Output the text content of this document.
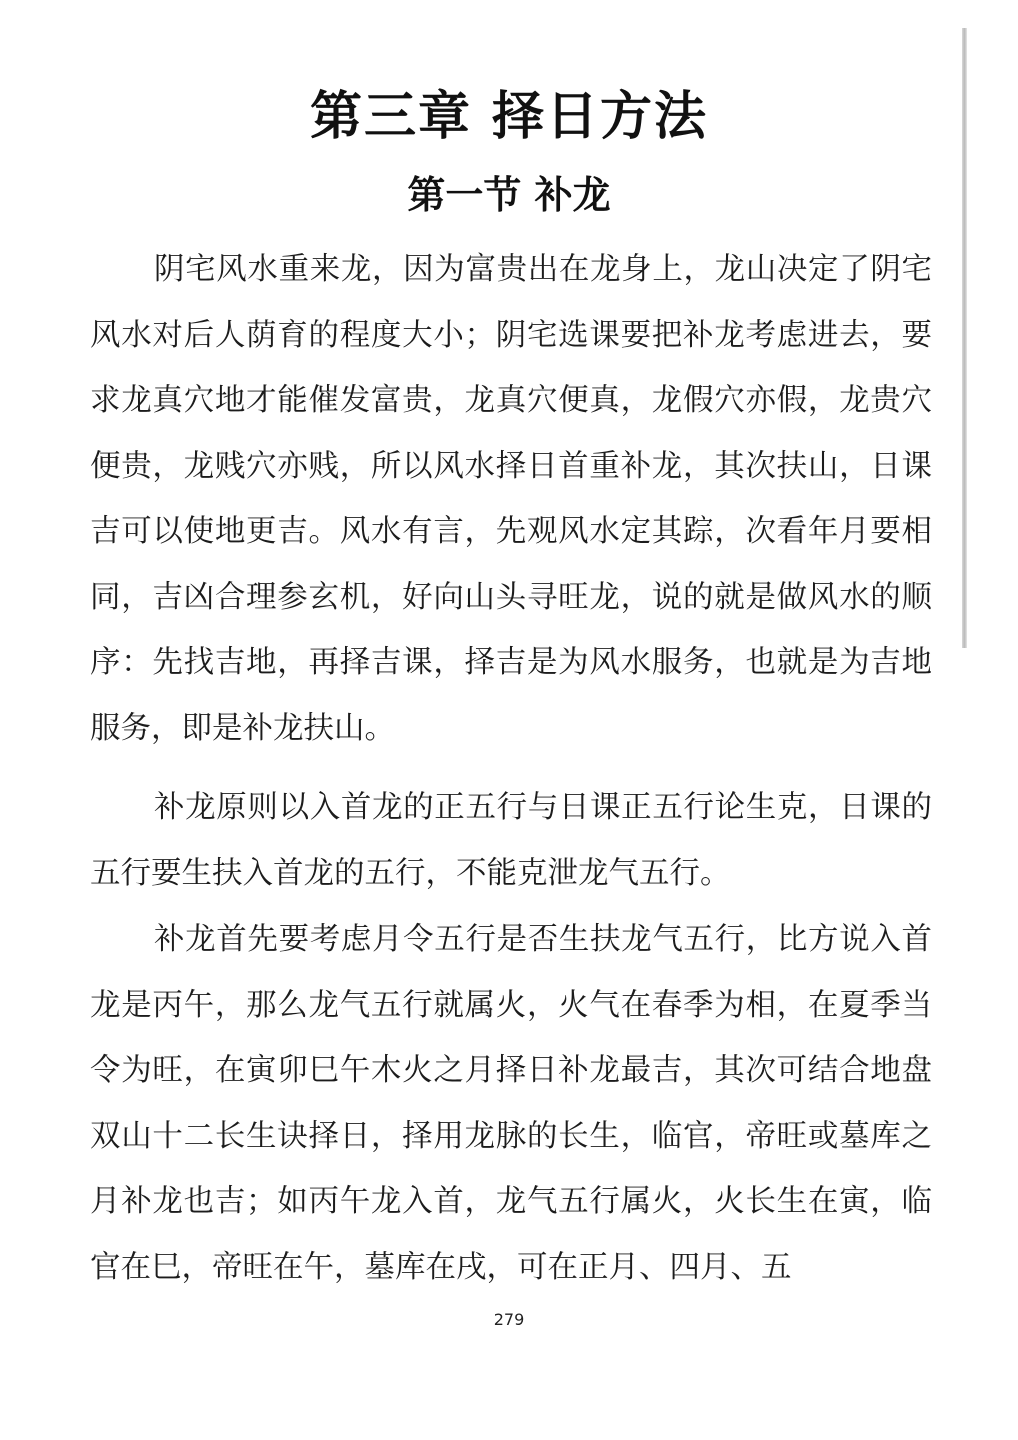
第三章 择日方法
第一节 补龙

阴宅风水重来龙，因为富贵出在龙身上，龙山决定了阴宅风水对后人荫育的程度大小；阴宅选课要把补龙考虑进去，要求龙真穴地才能催发富贵，龙真穴便真，龙假穴亦假，龙贵穴便贵，龙贱穴亦贱，所以风水择日首重补龙，其次扶山，日课吉可以使地更吉。风水有言，先观风水定其踪，次看年月要相同，吉凶合理参玄机，好向山头寻旺龙，说的就是做风水的顺序：先找吉地，再择吉课，择吉是为风水服务，也就是为吉地服务，即是补龙扶山。

补龙原则以入首龙的正五行与日课正五行论生克，日课的五行要生扶入首龙的五行，不能克泄龙气五行。

补龙首先要考虑月令五行是否生扶龙气五行，比方说入首龙是丙午，那么龙气五行就属火，火气在春季为相，在夏季当令为旺，在寅卯巳午木火之月择日补龙最吉，其次可结合地盘双山十二长生诀择日，择用龙脉的长生，临官，帝旺或墓库之月补龙也吉；如丙午龙入首，龙气五行属火，火长生在寅，临官在巳，帝旺在午，墓库在戌，可在正月、四月、五

279
